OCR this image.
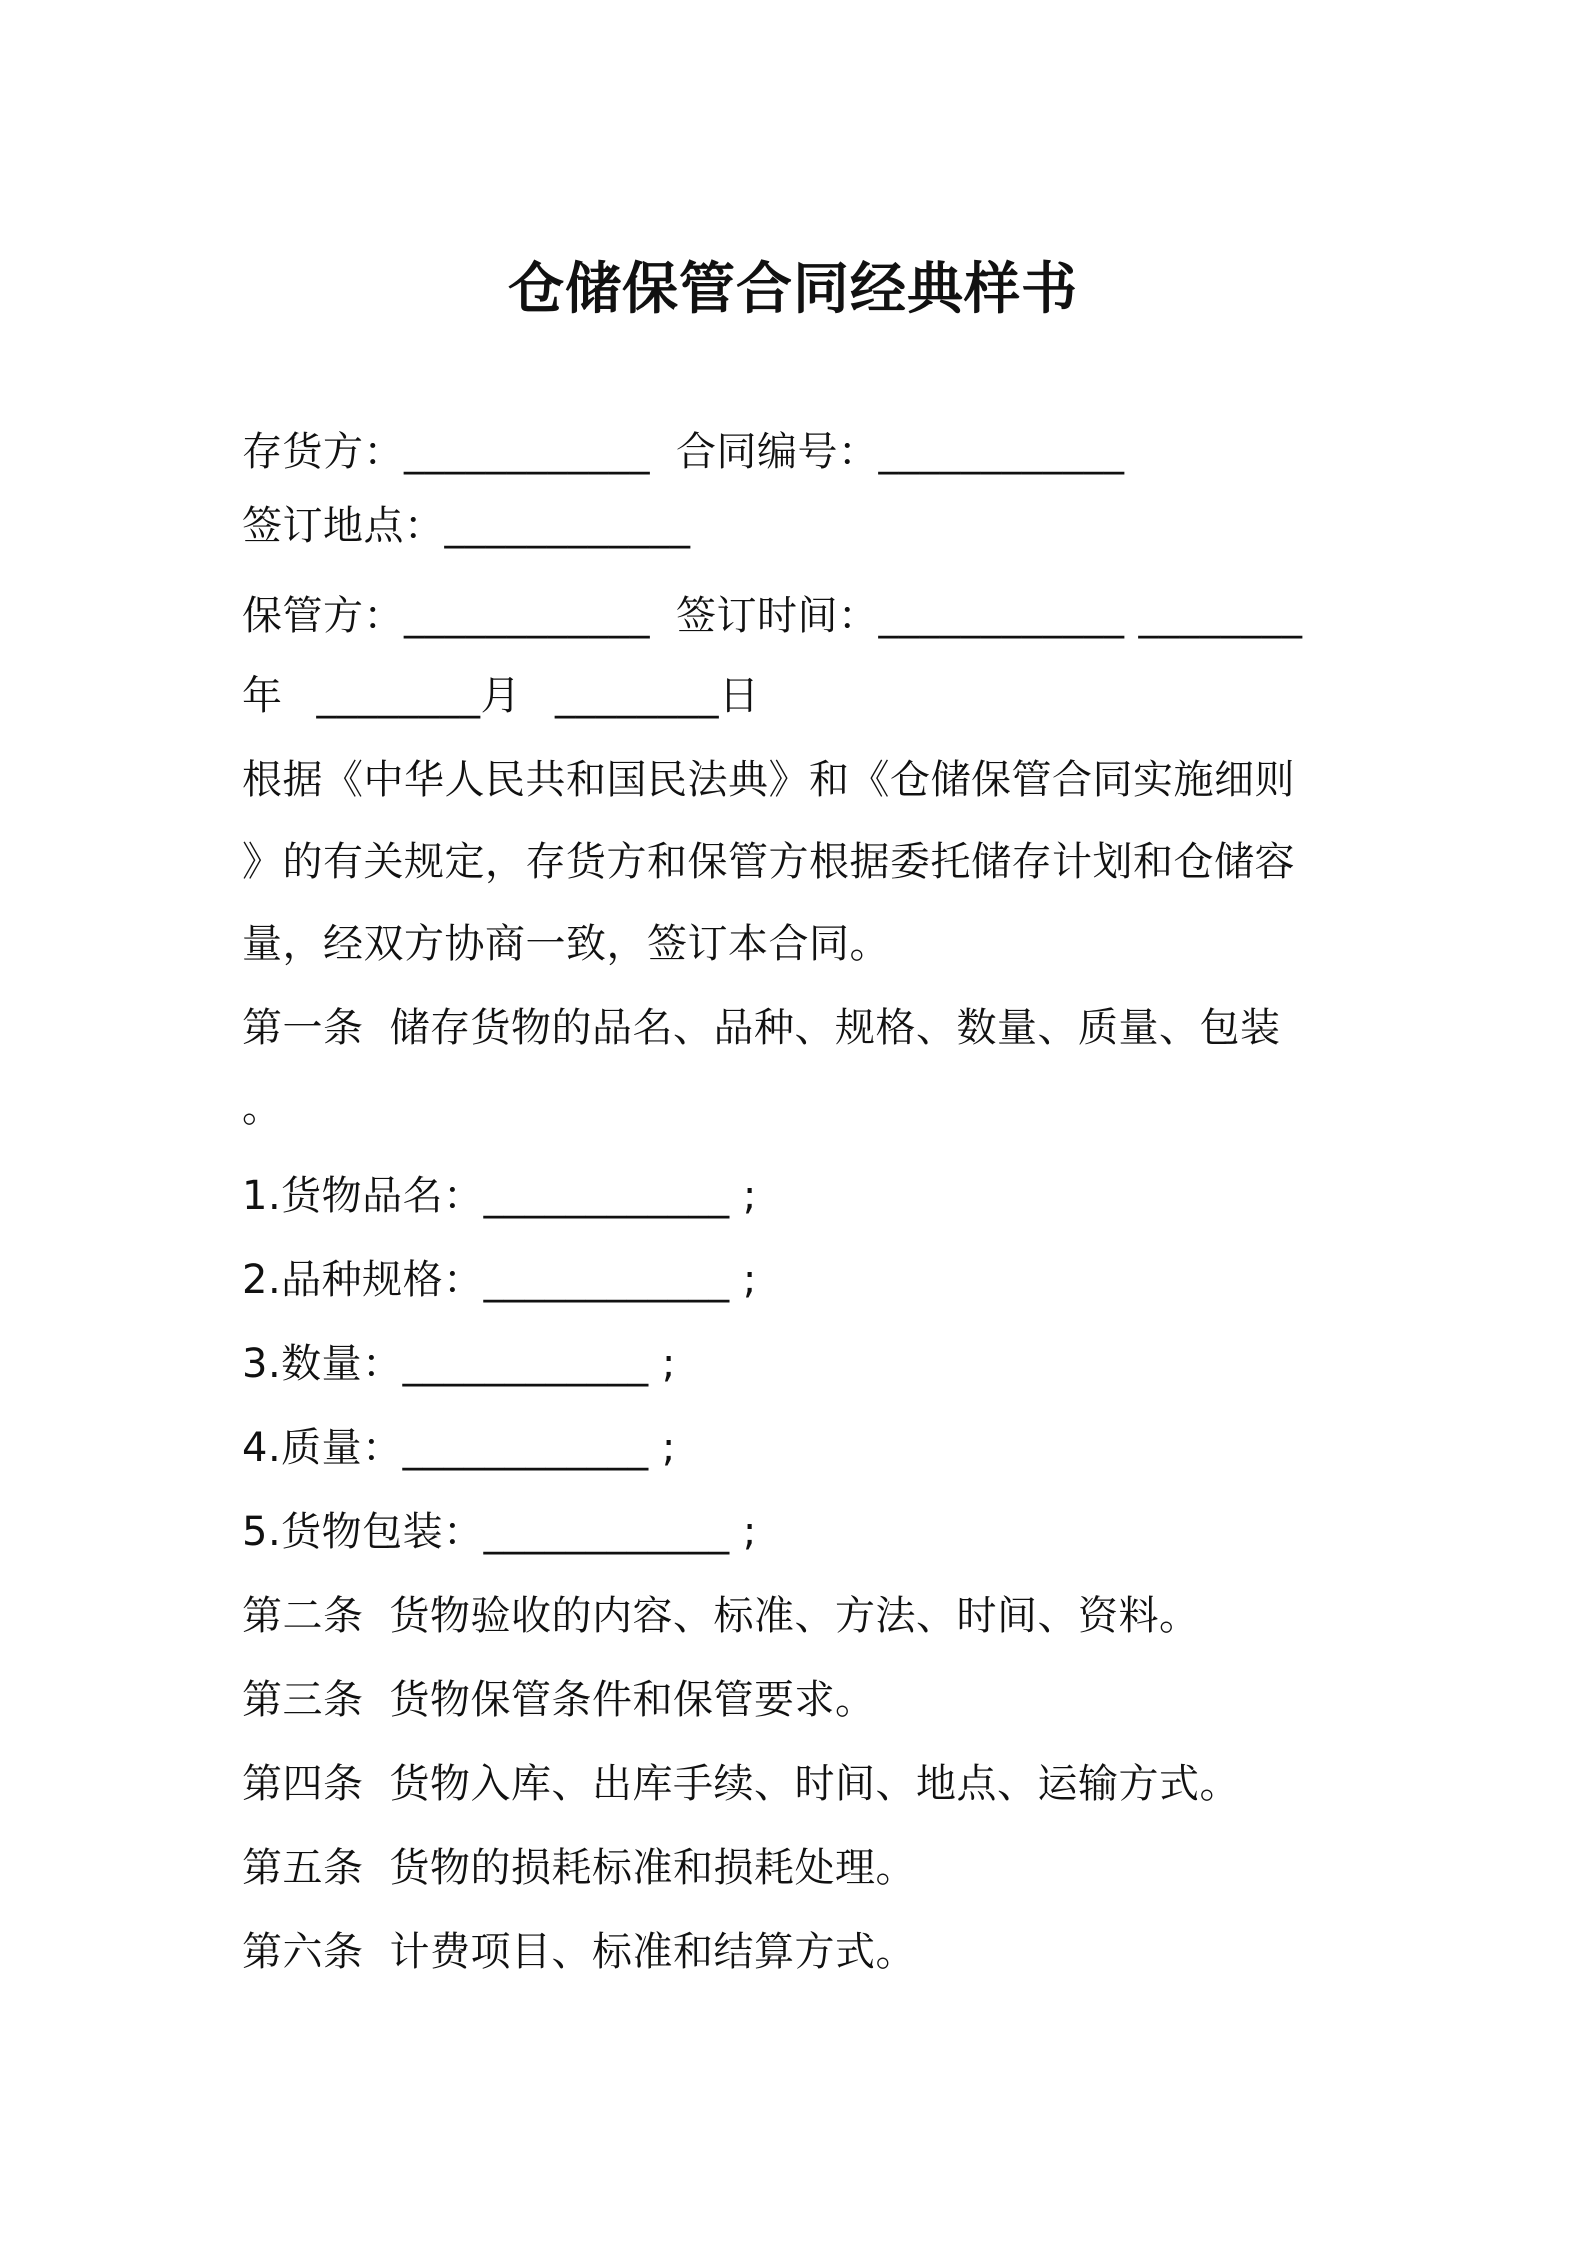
仓储保管合同经典样书
存货方：____________ 合同编号：____________
签订地点：____________
保管方：____________ 签订时间：____________ ________
年 ________月 ________日
根据《中华人民共和国民法典》和《仓储保管合同实施细则
》的有关规定，存货方和保管方根据委托储存计划和仓储容
量，经双方协商一致，签订本合同。
第一条 储存货物的品名、品种、规格、数量、质量、包装
。
1.货物品名：____________ ;
2.品种规格：____________ ;
3.数量：____________ ;
4.质量：____________ ;
5.货物包装：____________ ;
第二条 货物验收的内容、标准、方法、时间、资料。
第三条 货物保管条件和保管要求。
第四条 货物入库、出库手续、时间、地点、运输方式。
第五条 货物的损耗标准和损耗处理。
第六条 计费项目、标准和结算方式。
